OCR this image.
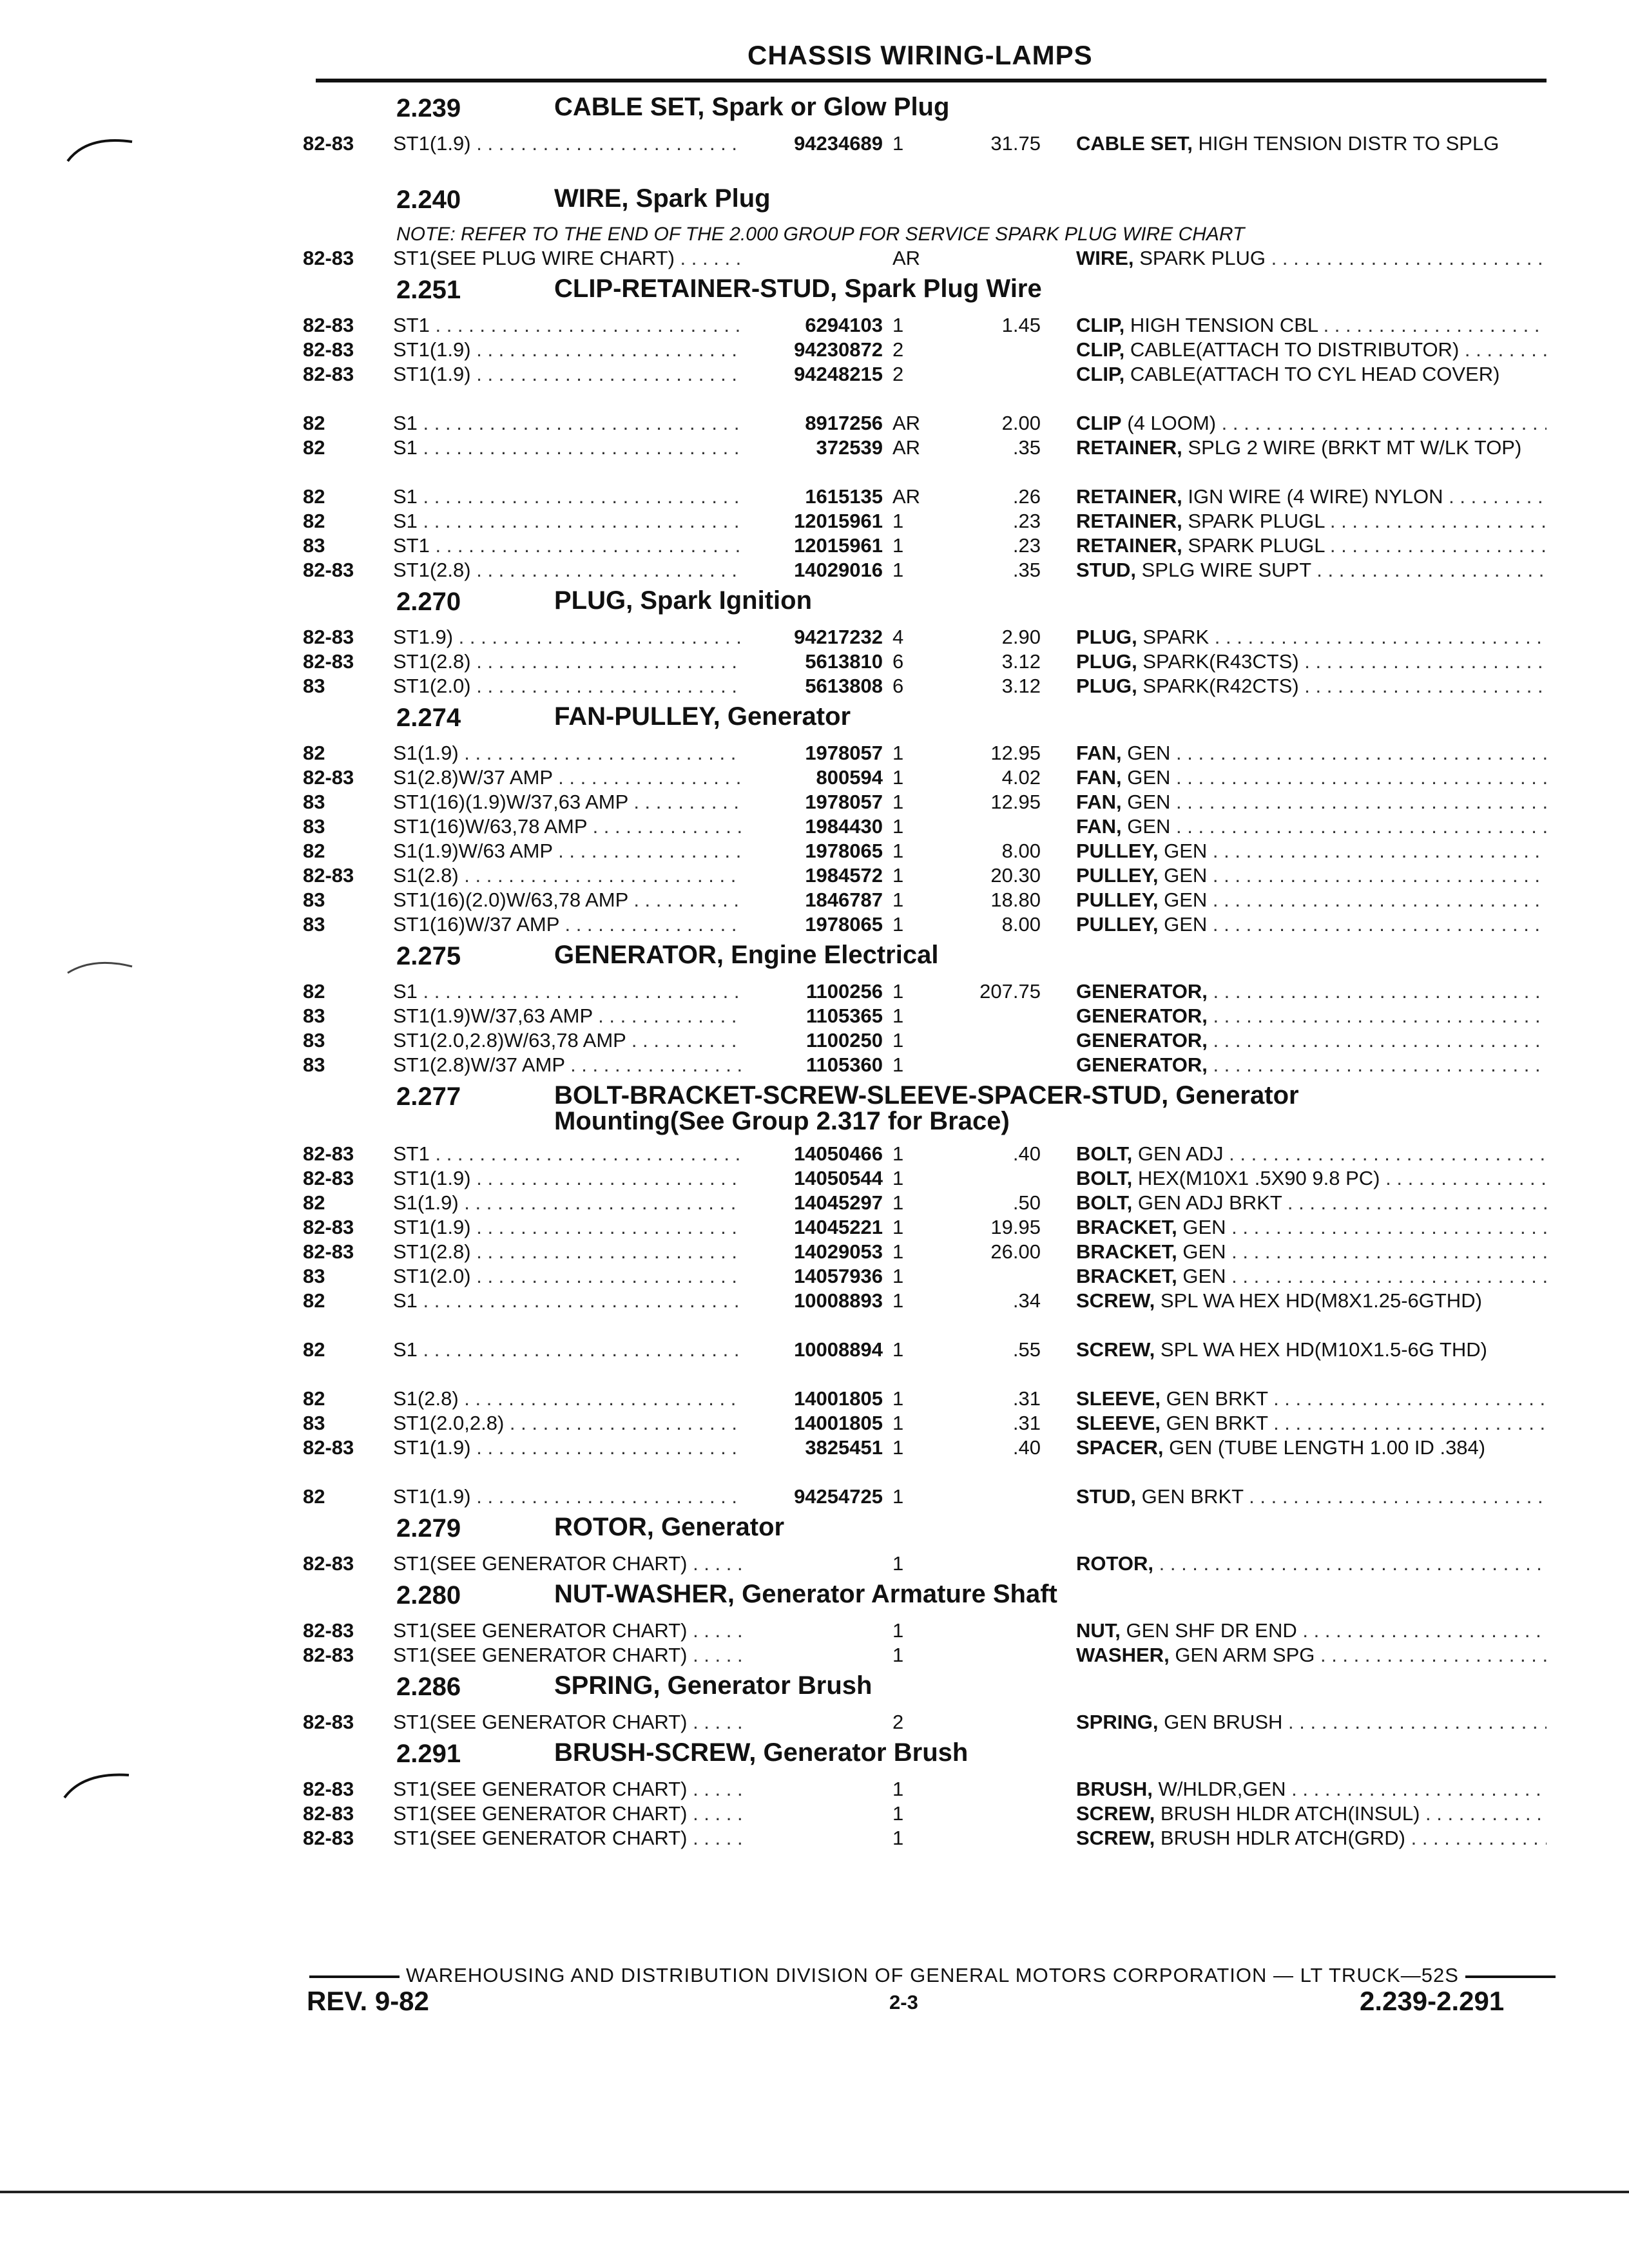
CHASSIS WIRING-LAMPS
2.239	CABLE SET, Spark or Glow Plug
82-83	ST1(1.9) . . .	94234689 1	31.75 CABLE SET, HIGH TENSION DISTR TO SPLG
2.240	WIRE, Spark Plug
NOTE: REFER TO THE END OF THE 2.000 GROUP FOR SERVICE SPARK PLUG WIRE CHART
82-83	ST1(SEE PLUG WIRE CHART) . . .	AR	WIRE, SPARK PLUG . . .
2.251	CLIP-RETAINER-STUD, Spark Plug Wire
82-83	ST1 . . .	6294103 1	1.45 CLIP, HIGH TENSION CBL . . .
82-83	ST1(1.9) . . .	94230872 2	CLIP, CABLE(ATTACH TO DISTRIBUTOR) . . .
82-83	ST1(1.9) . . .	94248215 2	CLIP, CABLE(ATTACH TO CYL HEAD COVER)
82	S1 . . .	8917256 AR	2.00 CLIP (4 LOOM) . . .
82	S1 . . .	372539 AR	.35 RETAINER, SPLG 2 WIRE (BRKT MT W/LK TOP)
82	S1 . . .	1615135 AR	.26 RETAINER, IGN WIRE (4 WIRE) NYLON . . .
82	S1 . . .	12015961 1	.23 RETAINER, SPARK PLUGL . . .
83	ST1 . . .	12015961 1	.23 RETAINER, SPARK PLUGL . . .
82-83	ST1(2.8) . . .	14029016 1	.35 STUD, SPLG WIRE SUPT . . .
2.270	PLUG, Spark Ignition
82-83	ST1.9) . . .	94217232 4	2.90 PLUG, SPARK . . .
82-83	ST1(2.8) . . .	5613810 6	3.12 PLUG, SPARK(R43CTS) . . .
83	ST1(2.0) . . .	5613808 6	3.12 PLUG, SPARK(R42CTS) . . .
2.274	FAN-PULLEY, Generator
82	S1(1.9) . . .	1978057 1	12.95 FAN, GEN . . .
82-83	S1(2.8)W/37 AMP . . .	800594 1	4.02 FAN, GEN . . .
83	ST1(16)(1.9)W/37,63 AMP . . .	1978057 1	12.95 FAN, GEN . . .
83	ST1(16)W/63,78 AMP . . .	1984430 1	FAN, GEN . . .
82	S1(1.9)W/63 AMP . . .	1978065 1	8.00 PULLEY, GEN . . .
82-83	S1(2.8) . . .	1984572 1	20.30 PULLEY, GEN . . .
83	ST1(16)(2.0)W/63,78 AMP . . .	1846787 1	18.80 PULLEY, GEN . . .
83	ST1(16)W/37 AMP . . .	1978065 1	8.00 PULLEY, GEN . . .
2.275	GENERATOR, Engine Electrical
82	S1 . . .	1100256 1	207.75 GENERATOR, . . .
83	ST1(1.9)W/37,63 AMP . . .	1105365 1	GENERATOR, . . .
83	ST1(2.0,2.8)W/63,78 AMP . . .	1100250 1	GENERATOR, . . .
83	ST1(2.8)W/37 AMP . . .	1105360 1	GENERATOR, . . .
2.277	BOLT-BRACKET-SCREW-SLEEVE-SPACER-STUD, Generator Mounting(See Group 2.317 for Brace)
82-83	ST1 . . .	14050466 1	.40 BOLT, GEN ADJ . . .
82-83	ST1(1.9) . . .	14050544 1	BOLT, HEX(M10X1 .5X90 9.8 PC) . . .
82	S1(1.9) . . .	14045297 1	.50 BOLT, GEN ADJ BRKT . . .
82-83	ST1(1.9) . . .	14045221 1	19.95 BRACKET, GEN . . .
82-83	ST1(2.8) . . .	14029053 1	26.00 BRACKET, GEN . . .
83	ST1(2.0) . . .	14057936 1	BRACKET, GEN . . .
82	S1 . . .	10008893 1	.34 SCREW, SPL WA HEX HD(M8X1.25-6GTHD)
82	S1 . . .	10008894 1	.55 SCREW, SPL WA HEX HD(M10X1.5-6G THD)
82	S1(2.8) . . .	14001805 1	.31 SLEEVE, GEN BRKT . . .
83	ST1(2.0,2.8) . . .	14001805 1	.31 SLEEVE, GEN BRKT . . .
82-83	ST1(1.9) . . .	3825451 1	.40 SPACER, GEN (TUBE LENGTH 1.00 ID .384)
82	ST1(1.9) . . .	94254725 1	STUD, GEN BRKT . . .
2.279	ROTOR, Generator
82-83	ST1(SEE GENERATOR CHART) . . .	1	ROTOR, . . .
2.280	NUT-WASHER, Generator Armature Shaft
82-83	ST1(SEE GENERATOR CHART) . . .	1	NUT, GEN SHF DR END . . .
82-83	ST1(SEE GENERATOR CHART) . . .	1	WASHER, GEN ARM SPG . . .
2.286	SPRING, Generator Brush
82-83	ST1(SEE GENERATOR CHART) . . .	2	SPRING, GEN BRUSH . . .
2.291	BRUSH-SCREW, Generator Brush
82-83	ST1(SEE GENERATOR CHART) . . .	1	BRUSH, W/HLDR,GEN . . .
82-83	ST1(SEE GENERATOR CHART) . . .	1	SCREW, BRUSH HLDR ATCH(INSUL) . . .
82-83	ST1(SEE GENERATOR CHART) . . .	1	SCREW, BRUSH HDLR ATCH(GRD) . . .
WAREHOUSING AND DISTRIBUTION DIVISION OF GENERAL MOTORS CORPORATION — LT TRUCK—52S
REV. 9-82	2-3	2.239-2.291
